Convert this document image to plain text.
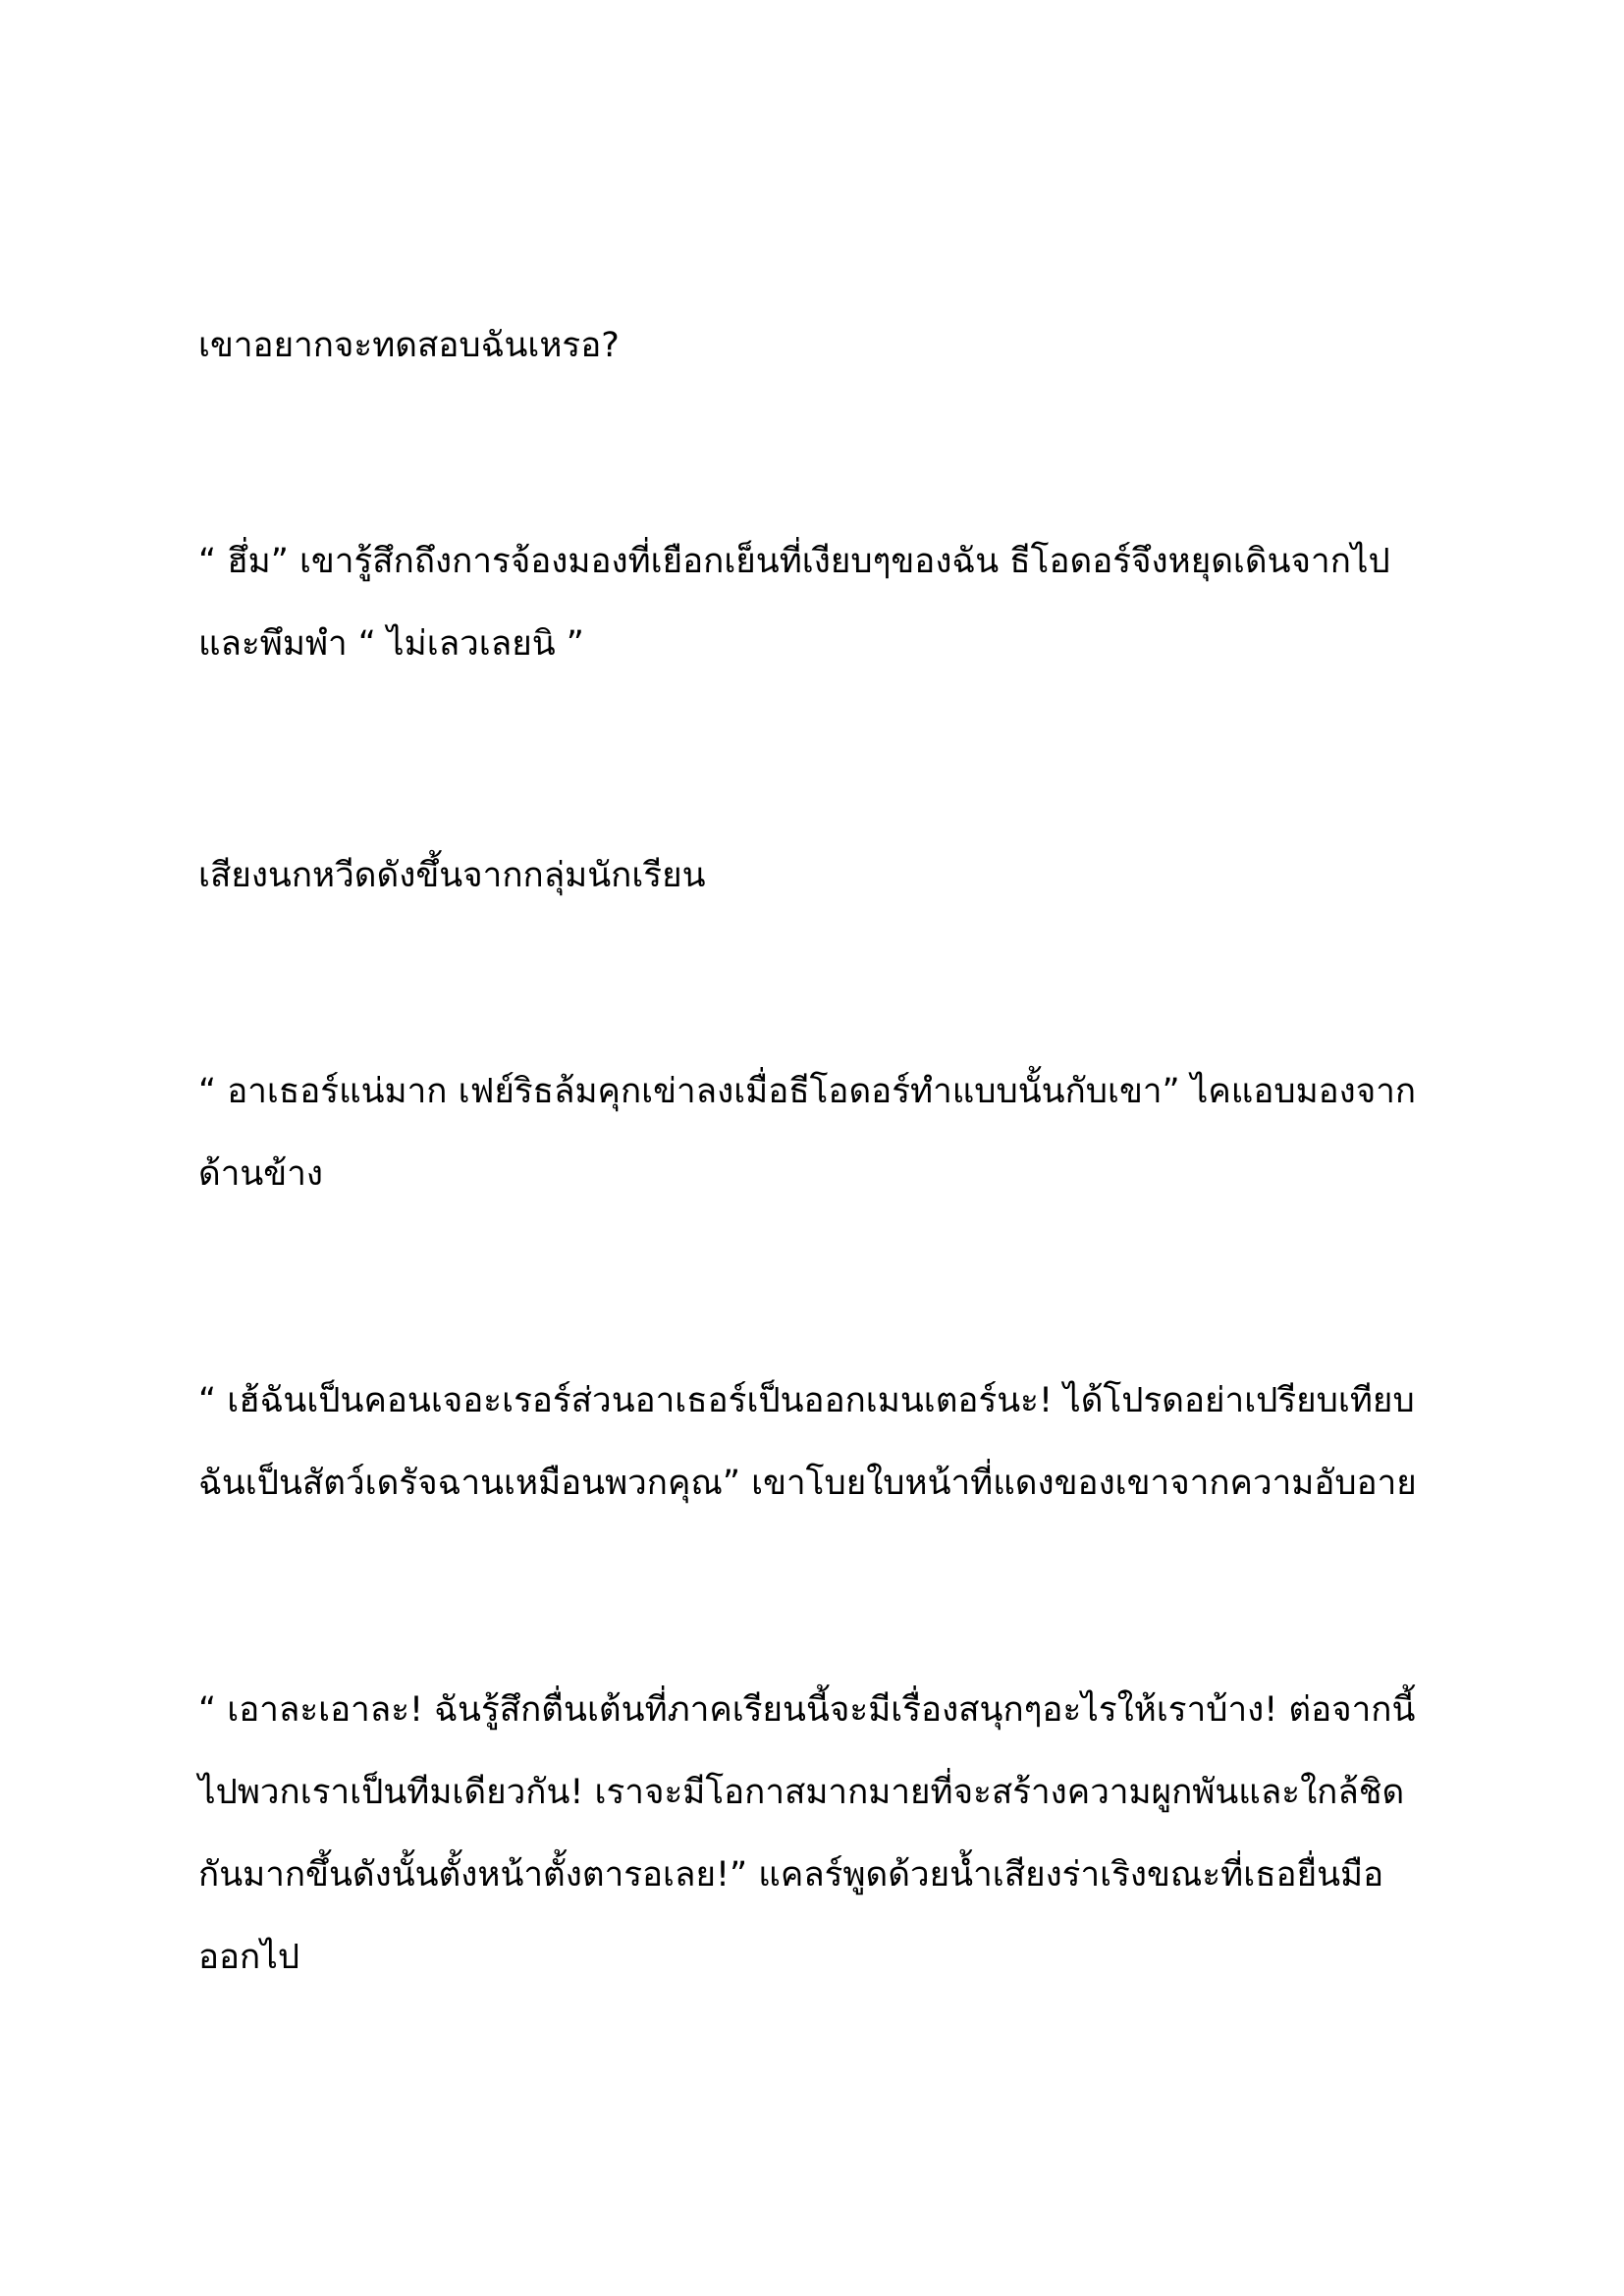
เขาอยากจะทดสอบฉันเหรอ?
“ ฮึ่ม” เขารู้สึกถึงการจ้องมองที่เยือกเย็นที่เงียบๆของฉัน ธีโอดอร์จึงหยุดเดินจากไป
และพึมพำ “ ไม่เลวเลยนิ ”
เสียงนกหวีดดังขึ้นจากกลุ่มนักเรียน
“ อาเธอร์แน่มาก เฟย์ริธล้มคุกเข่าลงเมื่อธีโอดอร์ทำแบบนั้นกับเขา” ไคแอบมองจาก
ด้านข้าง
“ เฮ้ฉันเป็นคอนเจอะเรอร์ส่วนอาเธอร์เป็นออกเมนเตอร์นะ! ได้โปรดอย่าเปรียบเทียบ
ฉันเป็นสัตว์เดรัจฉานเหมือนพวกคุณ” เขาโบยใบหน้าที่แดงของเขาจากความอับอาย
“ เอาละเอาละ! ฉันรู้สึกตื่นเต้นที่ภาคเรียนนี้จะมีเรื่องสนุกๆอะไรให้เราบ้าง! ต่อจากนี้
ไปพวกเราเป็นทีมเดียวกัน! เราจะมีโอกาสมากมายที่จะสร้างความผูกพันและใกล้ชิด
กันมากขึ้นดังนั้นตั้งหน้าตั้งตารอเลย!” แคลร์พูดด้วยน้ำเสียงร่าเริงขณะที่เธอยื่นมือ
ออกไป
